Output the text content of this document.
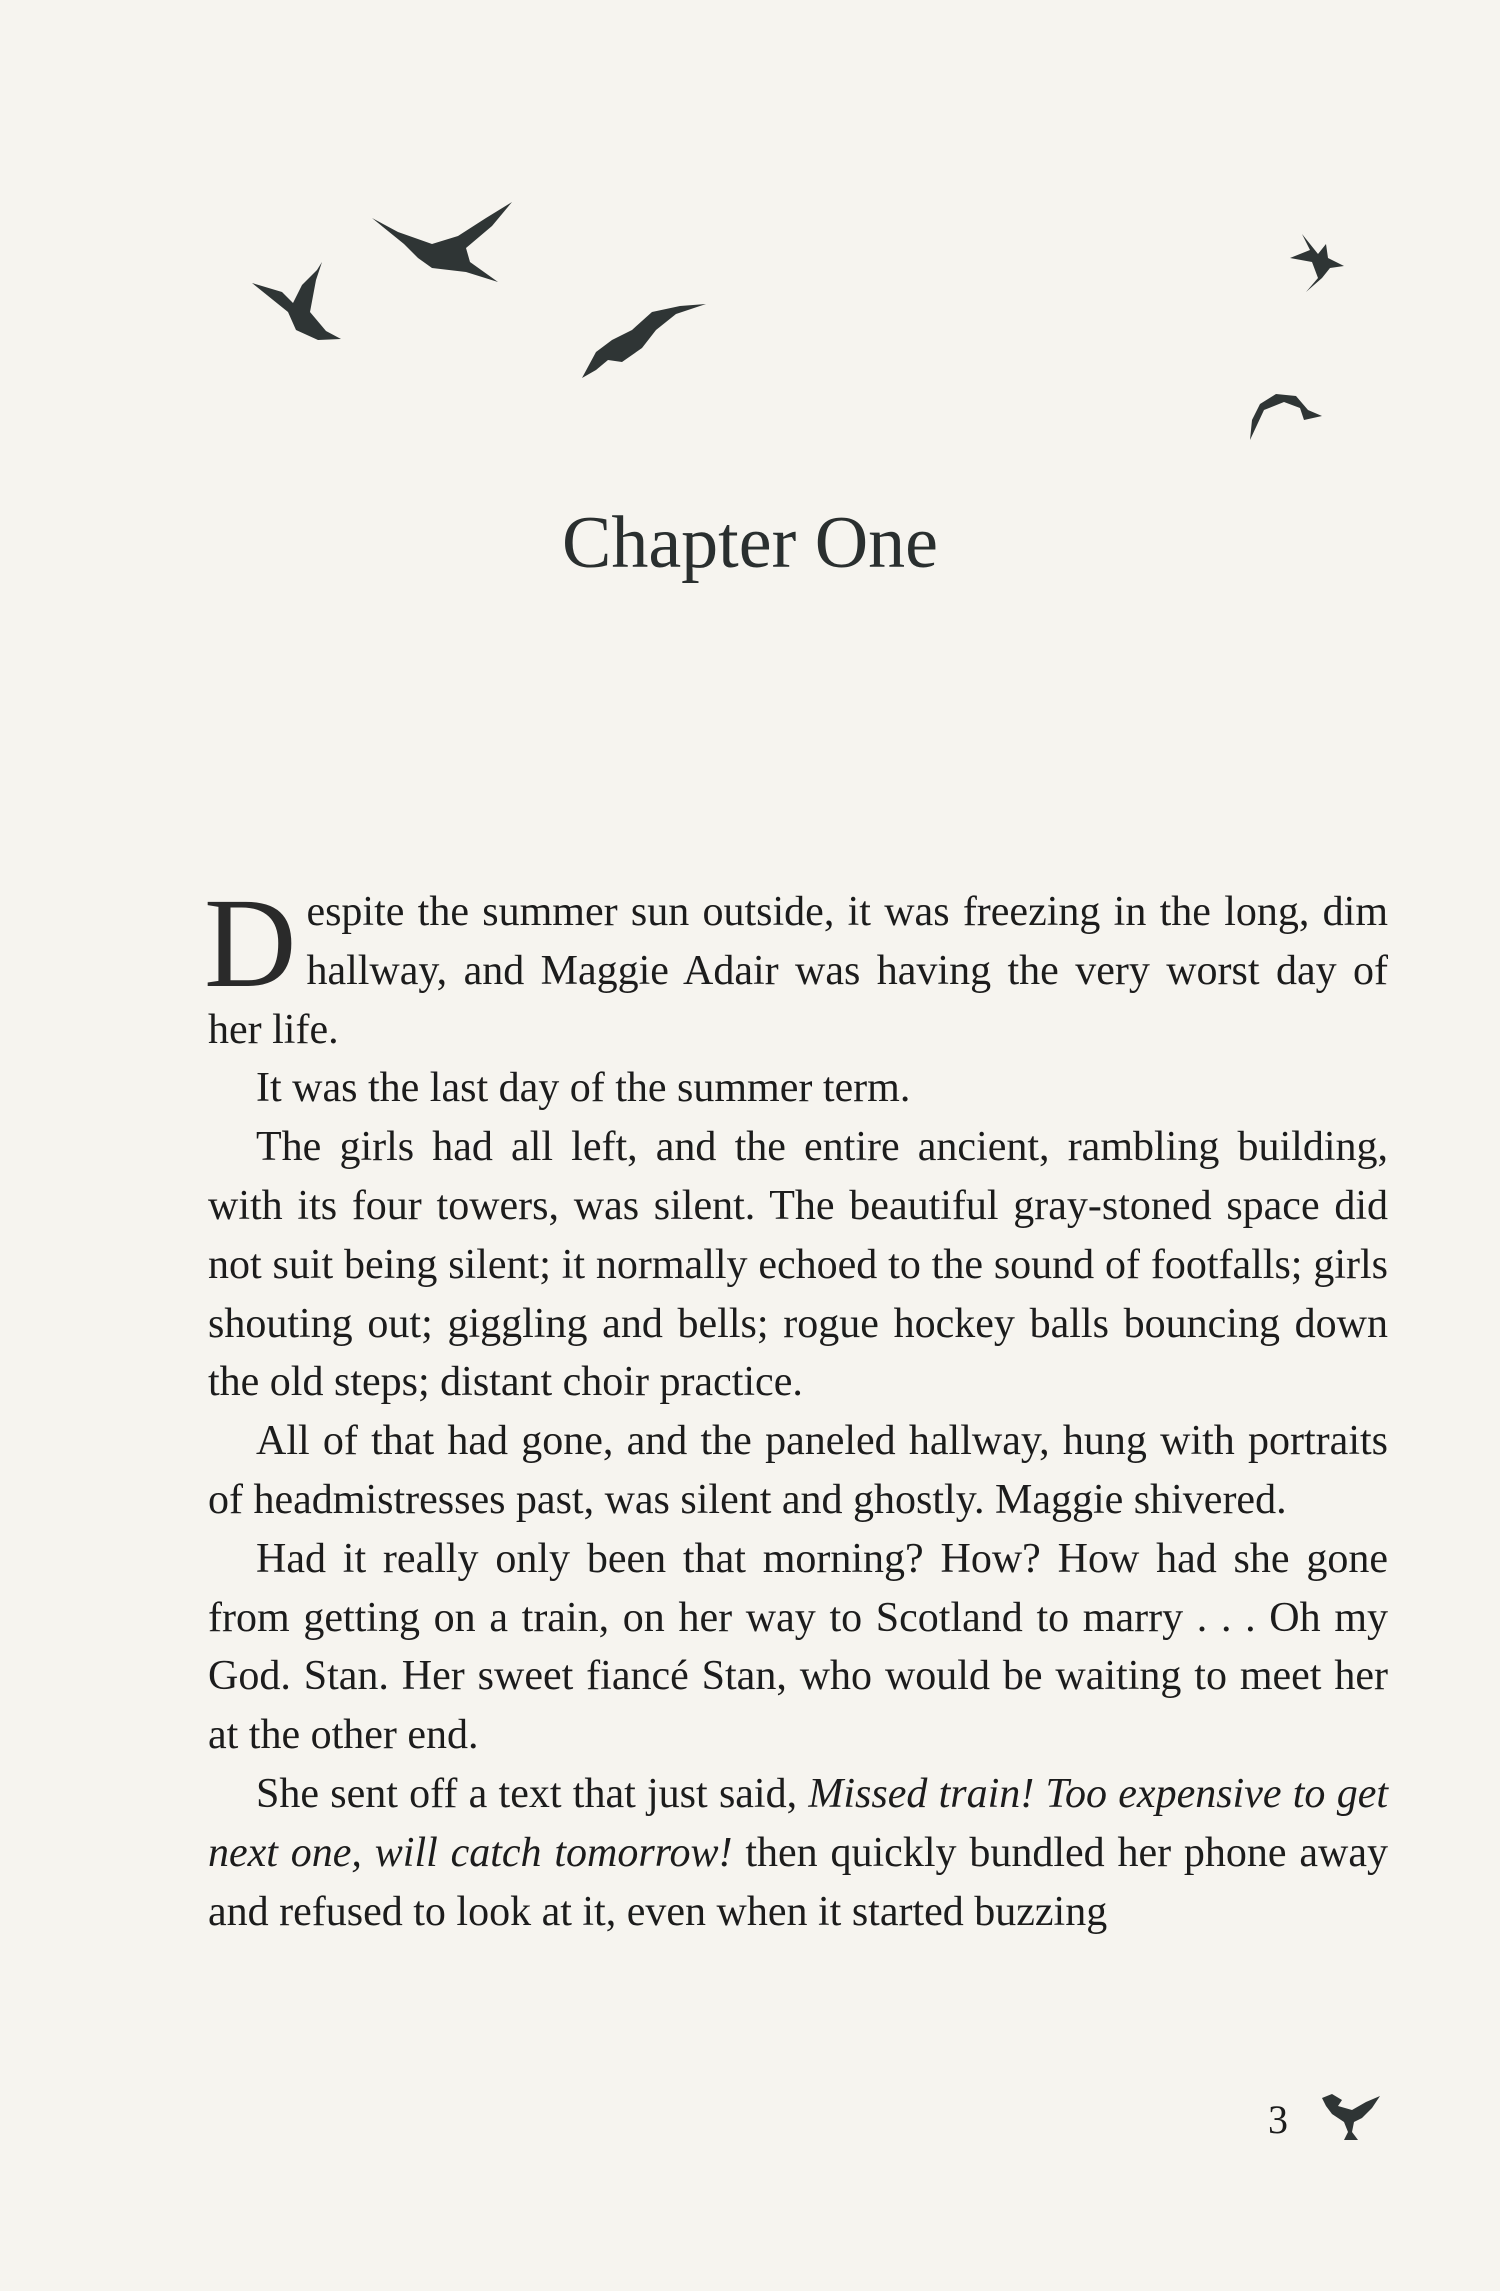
Chapter One

Despite the summer sun outside, it was freezing in the long, dim hallway, and Maggie Adair was having the very worst day of her life.

It was the last day of the summer term.

The girls had all left, and the entire ancient, rambling building, with its four towers, was silent. The beautiful gray-stoned space did not suit being silent; it normally echoed to the sound of footfalls; girls shouting out; giggling and bells; rogue hockey balls bouncing down the old steps; distant choir practice.

All of that had gone, and the paneled hallway, hung with portraits of headmistresses past, was silent and ghostly. Maggie shivered.

Had it really only been that morning? How? How had she gone from getting on a train, on her way to Scotland to marry . . . Oh my God. Stan. Her sweet fiancé Stan, who would be waiting to meet her at the other end.

She sent off a text that just said, Missed train! Too expensive to get next one, will catch tomorrow! then quickly bundled her phone away and refused to look at it, even when it started buzzing

3
